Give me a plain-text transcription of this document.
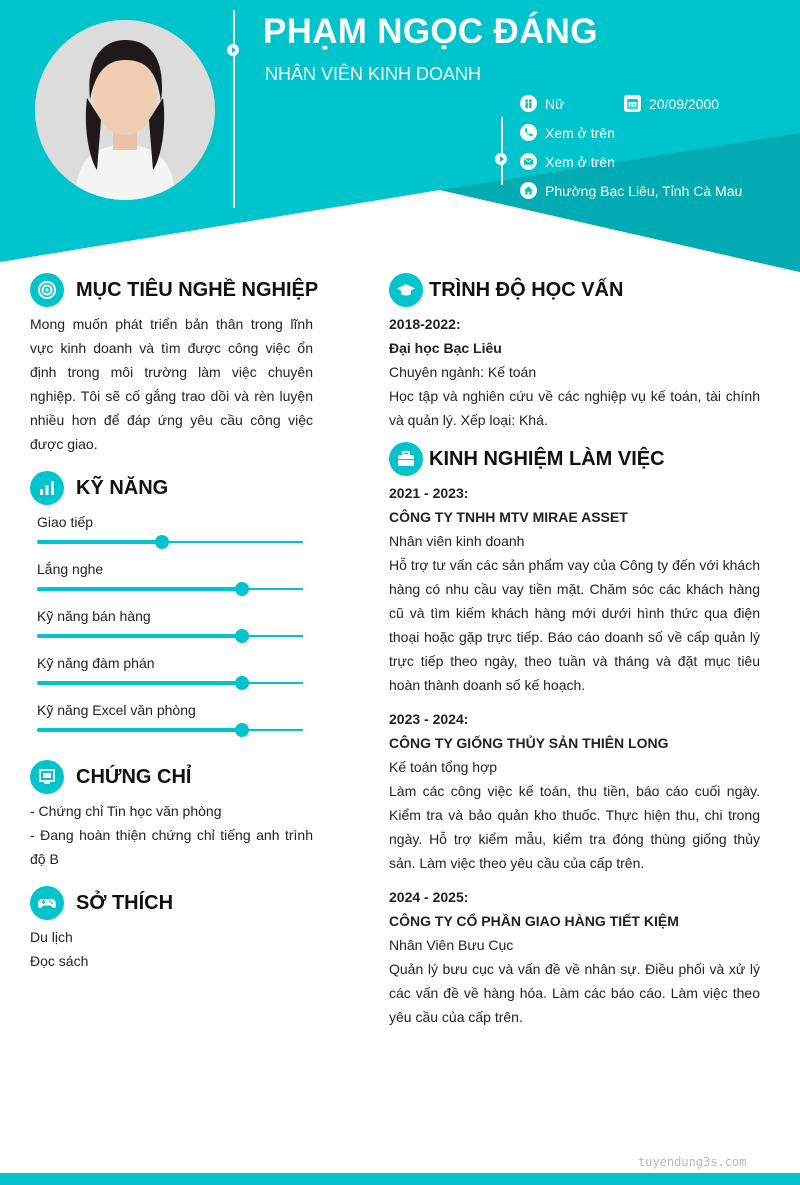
PHẠM NGỌC ĐÁNG
NHÂN VIÊN KINH DOANH
Nữ	20/09/2000
Xem ở trên
Xem ở trên
Phường Bạc Liêu, Tỉnh Cà Mau
MỤC TIÊU NGHỀ NGHIỆP
Mong muốn phát triển bản thân trong lĩnh vực kinh doanh và tìm được công việc ổn định trong môi trường làm việc chuyên nghiệp. Tôi sẽ cố gắng trao dồi và rèn luyện nhiều hơn để đáp ứng yêu cầu công việc được giao.
KỸ NĂNG
Giao tiếp
Lắng nghe
Kỹ năng bán hàng
Kỹ năng đàm phán
Kỹ năng Excel văn phòng
CHỨNG CHỈ
- Chứng chỉ Tin học văn phòng
- Đang hoàn thiện chứng chỉ tiếng anh trình độ B
SỞ THÍCH
Du lịch
Đọc sách
TRÌNH ĐỘ HỌC VẤN
2018-2022:
Đại học Bạc Liêu
Chuyên ngành: Kế toán
Học tập và nghiên cứu về các nghiệp vụ kế toán, tài chính và quản lý. Xếp loại: Khá.
KINH NGHIỆM LÀM VIỆC
2021 - 2023:
CÔNG TY TNHH MTV MIRAE ASSET
Nhân viên kinh doanh
Hỗ trợ tư vấn các sản phẩm vay của Công ty đến với khách hàng có nhu cầu vay tiền mặt. Chăm sóc các khách hàng cũ và tìm kiếm khách hàng mới dưới hình thức qua điện thoại hoặc gặp trực tiếp. Báo cáo doanh số về cấp quản lý trực tiếp theo ngày, theo tuần và tháng và đặt mục tiêu hoàn thành doanh số kế hoạch.
2023 - 2024:
CÔNG TY GIỐNG THỦY SẢN THIÊN LONG
Kế toán tổng hợp
Làm các công việc kế toán, thu tiền, báo cáo cuối ngày. Kiểm tra và bảo quản kho thuốc. Thực hiện thu, chi trong ngày. Hỗ trợ kiểm mẫu, kiểm tra đóng thùng giống thủy sản. Làm việc theo yêu cầu của cấp trên.
2024 - 2025:
CÔNG TY CỔ PHẦN GIAO HÀNG TIẾT KIỆM
Nhân Viên Bưu Cục
Quản lý bưu cục và vấn đề về nhân sự. Điều phối và xử lý các vấn đề về hàng hóa. Làm các báo cáo. Làm việc theo yêu cầu của cấp trên.
tuyendung3s.com
